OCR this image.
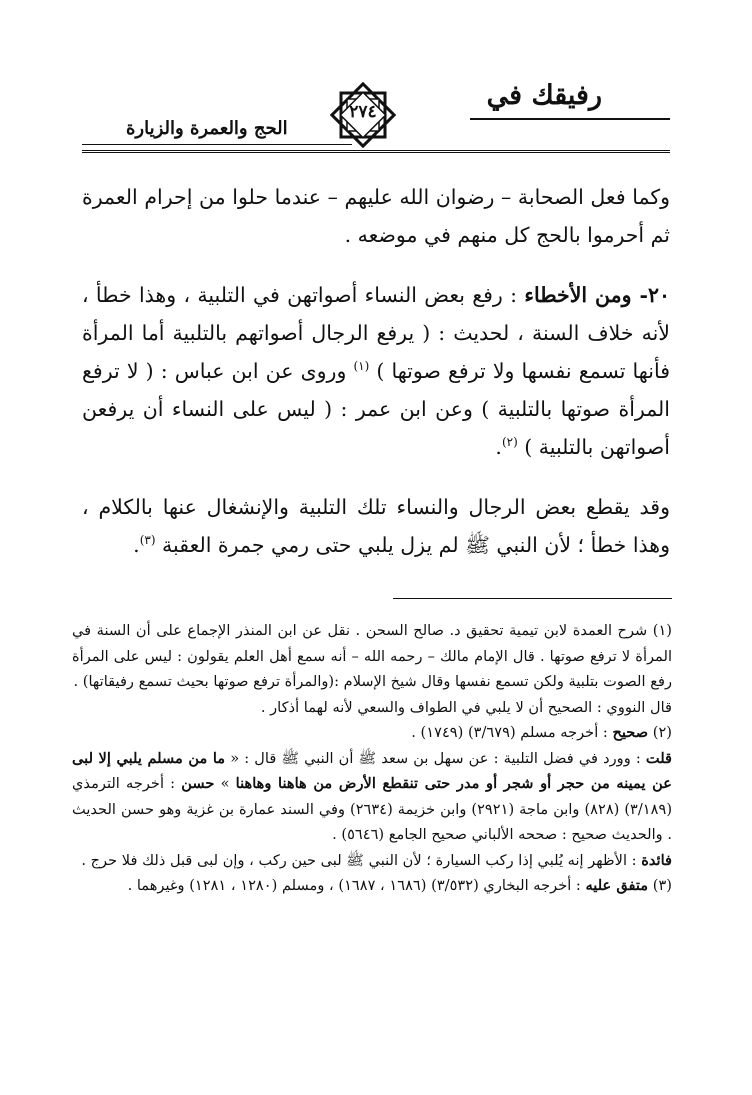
رفيقك في
الحج والعمرة والزيارة
٢٧٤

وكما فعل الصحابة – رضوان الله عليهم – عندما حلوا من إحرام العمرة ثم أحرموا بالحج كل منهم في موضعه .

٢٠- ومن الأخطاء : رفع بعض النساء أصواتهن في التلبية ، وهذا خطأ ، لأنه خلاف السنة ، لحديث : ( يرفع الرجال أصواتهم بالتلبية أما المرأة فأنها تسمع نفسها ولا ترفع صوتها ) $^{(١)}$ وروى عن ابن عباس : ( لا ترفع المرأة صوتها بالتلبية ) وعن ابن عمر : ( ليس على النساء أن يرفعن أصواتهن بالتلبية ) $^{(٢)}$.

وقد يقطع بعض الرجال والنساء تلك التلبية والإنشغال عنها بالكلام ، وهذا خطأ ؛ لأن النبي ﷺ لم يزل يلبي حتى رمي جمرة العقبة $^{(٣)}$.

(١) شرح العمدة لابن تيمية تحقيق د. صالح السحن . نقل عن ابن المنذر الإجماع على أن السنة في المرأة لا ترفع صوتها . قال الإمام مالك – رحمه الله – أنه سمع أهل العلم يقولون : ليس على المرأة رفع الصوت بتلبية ولكن تسمع نفسها وقال شيخ الإسلام :(والمرأة ترفع صوتها بحيث تسمع رفيقاتها) .

قال النووي : الصحيح أن لا يلبي في الطواف والسعي لأنه لهما أذكار .

(٢) صحيح : أخرجه مسلم (٣/٦٧٩) (١٧٤٩) .

قلت : وورد في فضل التلبية : عن سهل بن سعد ﷺ أن النبي ﷺ قال : « ما من مسلم يلبي إلا لبى عن يمينه من حجر أو شجر أو مدر حتى تنقطع الأرض من هاهنا وهاهنا » حسن : أخرجه الترمذي (٣/١٨٩) (٨٢٨) وابن ماجة (٢٩٢١) وابن خزيمة (٢٦٣٤) وفي السند عمارة بن غزية وهو حسن الحديث . والحديث صحيح : صححه الألباني صحيح الجامع (٥٦٤٦) .

فائدة : الأظهر إنه يُلبي إذا ركب السيارة ؛ لأن النبي ﷺ لبى حين ركب ، وإن لبى قبل ذلك فلا حرج .

(٣) متفق عليه : أخرجه البخاري (٣/٥٣٢) (١٦٨٦ ، ١٦٨٧) ، ومسلم (١٢٨٠ ، ١٢٨١) وغيرهما .
